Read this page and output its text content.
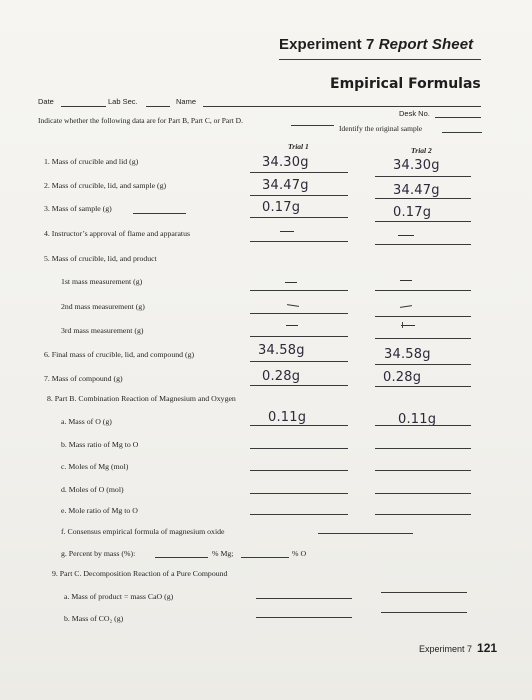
Experiment 7 Report Sheet
Empirical Formulas
Date	Lab Sec.	Name
Desk No.
Indicate whether the following data are for Part B, Part C, or Part D.
Identify the original sample
Trial 1	Trial 2
1. Mass of crucible and lid (g)	34.30g	34.30g
2. Mass of crucible, lid, and sample (g)	34.47g	34.47g
3. Mass of sample (g)	0.17g	0.17g
4. Instructor’s approval of flame and apparatus
5. Mass of crucible, lid, and product
1st mass measurement (g)
2nd mass measurement (g)
3rd mass measurement (g)
6. Final mass of crucible, lid, and compound (g)	34.58g	34.58g
7. Mass of compound (g)	0.28g	0.28g
8. Part B. Combination Reaction of Magnesium and Oxygen
a. Mass of O (g)	0.11g	0.11g
b. Mass ratio of Mg to O
c. Moles of Mg (mol)
d. Moles of O (mol)
e. Mole ratio of Mg to O
f. Consensus empirical formula of magnesium oxide
g. Percent by mass (%):	% Mg;	% O
9. Part C. Decomposition Reaction of a Pure Compound
a. Mass of product = mass CaO (g)
b. Mass of CO₂ (g)
Experiment 7 121
